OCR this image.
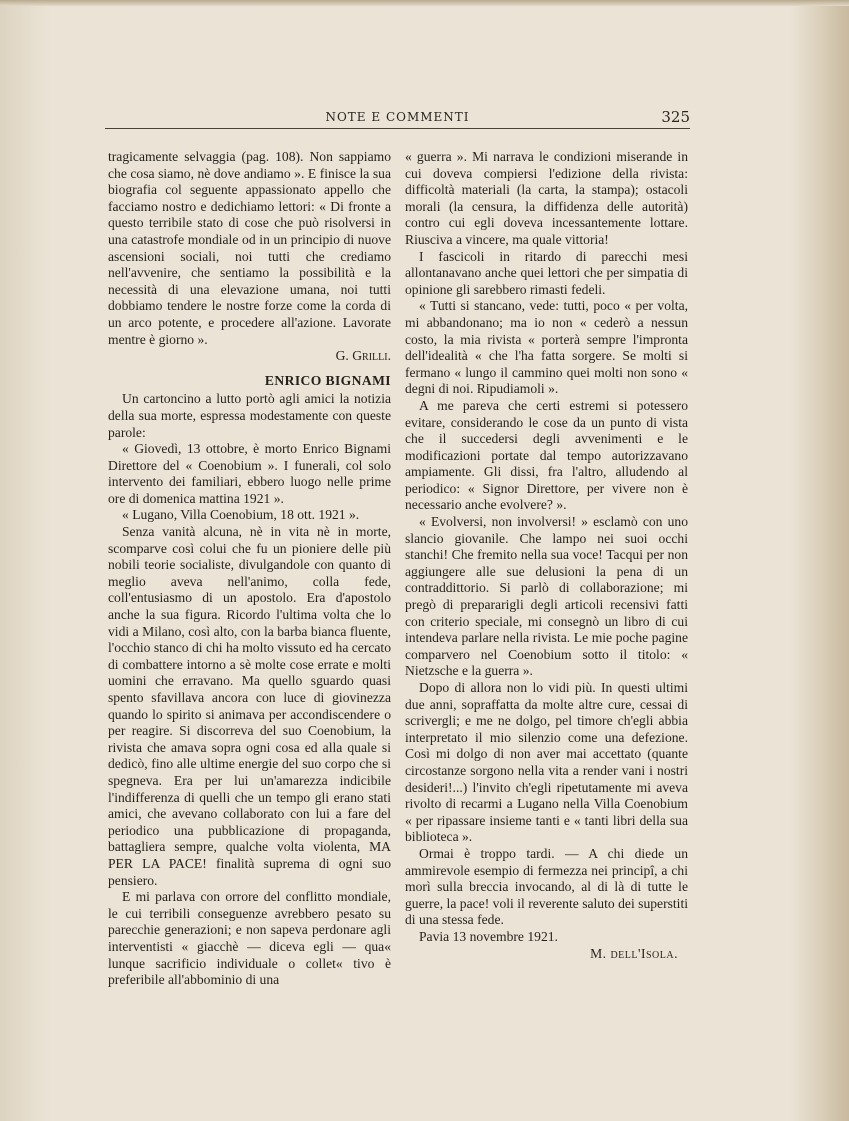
NOTE E COMMENTI	325

tragicamente selvaggia (pag. 108). Non sappiamo che cosa siamo, nè dove andiamo ». E finisce la sua biografia col seguente appassionato appello che facciamo nostro e dedichiamo lettori: « Di fronte a questo terribile stato di cose che può risolversi in una catastrofe mondiale od in un principio di nuove ascensioni sociali, noi tutti che crediamo nell'avvenire, che sentiamo la possibilità e la necessità di una elevazione umana, noi tutti dobbiamo tendere le nostre forze come la corda di un arco potente, e procedere all'azione. Lavorate mentre è giorno ».

G. Grilli.
ENRICO BIGNAMI

Un cartoncino a lutto portò agli amici la notizia della sua morte, espressa modestamente con queste parole:

« Giovedì, 13 ottobre, è morto Enrico Bignami Direttore del « Coenobium ». I funerali, col solo intervento dei familiari, ebbero luogo nelle prime ore di domenica mattina 1921 ».

« Lugano, Villa Coenobium, 18 ott. 1921 ».

Senza vanità alcuna, nè in vita nè in morte, scomparve così colui che fu un pioniere delle più nobili teorie socialiste, divulgandole con quanto di meglio aveva nell'animo, colla fede, coll'entusiasmo di un apostolo. Era d'apostolo anche la sua figura. Ricordo l'ultima volta che lo vidi a Milano, così alto, con la barba bianca fluente, l'occhio stanco di chi ha molto vissuto ed ha cercato di combattere intorno a sè molte cose errate e molti uomini che erravano. Ma quello sguardo quasi spento sfavillava ancora con luce di giovinezza quando lo spirito si animava per accondiscendere o per reagire. Si discorreva del suo Coenobium, la rivista che amava sopra ogni cosa ed alla quale si dedicò, fino alle ultime energie del suo corpo che si spegneva. Era per lui un'amarezza indicibile l'indifferenza di quelli che un tempo gli erano stati amici, che avevano collaborato con lui a fare del periodico una pubblicazione di propaganda, battagliera sempre, qualche volta violenta, MA PER LA PACE! finalità suprema di ogni suo pensiero.

E mi parlava con orrore del conflitto mondiale, le cui terribili conseguenze avrebbero pesato su parecchie generazioni; e non sapeva perdonare agli interventisti « giacchè — diceva egli — qua« lunque sacrificio individuale o collet« tivo è preferibile all'abbominio di una

« guerra ». Mi narrava le condizioni miserande in cui doveva compiersi l'edizione della rivista: difficoltà materiali (la carta, la stampa); ostacoli morali (la censura, la diffidenza delle autorità) contro cui egli doveva incessantemente lottare. Riusciva a vincere, ma quale vittoria!

I fascicoli in ritardo di parecchi mesi allontanavano anche quei lettori che per simpatia di opinione gli sarebbero rimasti fedeli.

« Tutti si stancano, vede: tutti, poco « per volta, mi abbandonano; ma io non « cederò a nessun costo, la mia rivista « porterà sempre l'impronta dell'idealità « che l'ha fatta sorgere. Se molti si fermano « lungo il cammino quei molti non sono « degni di noi. Ripudiamoli ».

A me pareva che certi estremi si potessero evitare, considerando le cose da un punto di vista che il succedersi degli avvenimenti e le modificazioni portate dal tempo autorizzavano ampiamente. Gli dissi, fra l'altro, alludendo al periodico: « Signor Direttore, per vivere non è necessario anche evolvere? ».

« Evolversi, non involversi! » esclamò con uno slancio giovanile. Che lampo nei suoi occhi stanchi! Che fremito nella sua voce! Tacqui per non aggiungere alle sue delusioni la pena di un contraddittorio. Si parlò di collaborazione; mi pregò di prepararigli degli articoli recensivi fatti con criterio speciale, mi consegnò un libro di cui intendeva parlare nella rivista. Le mie poche pagine comparvero nel Coenobium sotto il titolo: « Nietzsche e la guerra ».

Dopo di allora non lo vidi più. In questi ultimi due anni, sopraffatta da molte altre cure, cessai di scrivergli; e me ne dolgo, pel timore ch'egli abbia interpretato il mio silenzio come una defezione. Così mi dolgo di non aver mai accettato (quante circostanze sorgono nella vita a render vani i nostri desideri!...) l'invito ch'egli ripetutamente mi aveva rivolto di recarmi a Lugano nella Villa Coenobium « per ripassare insieme tanti e « tanti libri della sua biblioteca ».

Ormai è troppo tardi. — A chi diede un ammirevole esempio di fermezza nei principî, a chi morì sulla breccia invocando, al di là di tutte le guerre, la pace! voli il reverente saluto dei superstiti di una stessa fede.

Pavia 13 novembre 1921.

M. dell'Isola.
